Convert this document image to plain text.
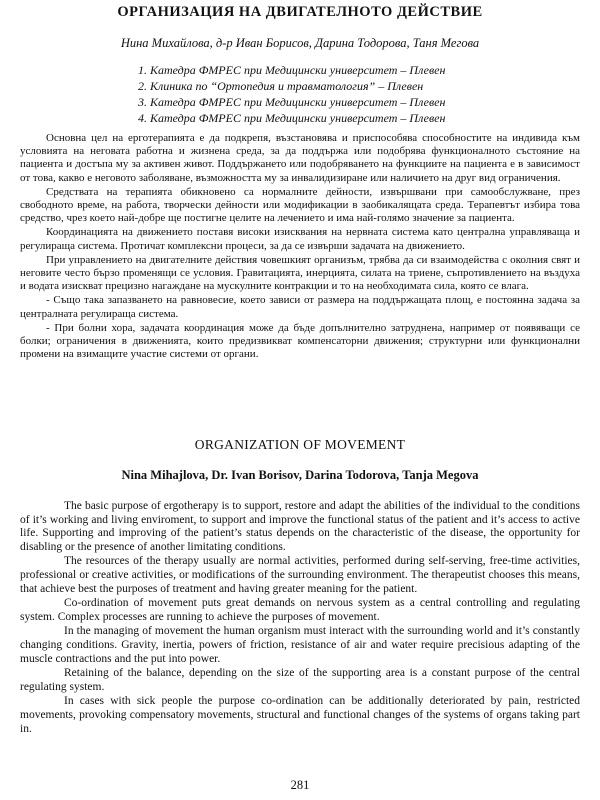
ОРГАНИЗАЦИЯ НА ДВИГАТЕЛНОТО ДЕЙСТВИЕ
Нина Михайлова, д-р Иван Борисов, Дарина Тодорова, Таня Мегова
1. Катедра ФМРЕС при Медицински университет – Плевен
2. Клиника по “Ортопедия и травматология” – Плевен
3. Катедра ФМРЕС при Медицински университет – Плевен
4. Катедра ФМРЕС при Медицински университет – Плевен

Основна цел на ерготерапията е да подкрепя, възстановява и приспособява способностите на индивида към условията на неговата работна и жизнена среда, за да поддържа или подобрява функционалното състояние на пациента и достъпа му за активен живот. Поддържането или подобряването на функциите на пациента е в зависимост от това, какво е неговото заболяване, възможността му за инвалидизиране или наличието на друг вид ограничения.

Средствата на терапията обикновено са нормалните дейности, извършвани при самообслужване, през свободното време, на работа, творчески дейности или модификации в заобикалящата среда. Терапевтът избира това средство, чрез което най-добре ще постигне целите на лечението и има най-голямо значение за пациента.

Координацията на движението поставя високи изисквания на нервната система като централна управляваща и регулираща система. Протичат комплексни процеси, за да се извърши задачата на движението.

При управлението на двигателните действия човешкият организъм, трябва да си взаимодейства с околния свят и неговите често бързо променящи се условия. Гравитацията, инерцията, силата на триене, съпротивлението на въздуха и водата изискват прецизно нагаждане на мускулните контракции и то на необходимата сила, която се влага.

- Също така запазването на равновесие, което зависи от размера на поддържащата площ, е постоянна задача за централната регулираща система.

- При болни хора, задачата координация може да бъде допълнително затруднена, например от появяващи се болки; ограничения в движенията, които предизвикват компенсаторни движения; структурни или функционални промени на взимащите участие системи от органи.

ORGANIZATION OF MOVEMENT
Nina Mihajlova, Dr. Ivan Borisov, Darina Todorova, Tanja Megova

The basic purpose of ergotherapy is to support, restore and adapt the abilities of the individual to the conditions of it’s working and living enviroment, to support and improve the functional status of the patient and it’s access to active life. Supporting and improving of the patient’s status depends on the characteristic of the disease, the opportunity for disabling or the presence of another limitating conditions.

The resources of the therapy usually are normal activities, performed during self-serving, free-time activities, professional or creative activities, or modifications of the surrounding environment. The therapeutist chooses this means, that achieve best the purposes of treatment and having greater meaning for the patient.

Co-ordination of movement puts great demands on nervous system as a central controlling and regulating system. Complex processes are running to achieve the purposes of movement.

In the managing of movement the human organism must interact with the surrounding world and it’s constantly changing conditions. Gravity, inertia, powers of friction, resistance of air and water require precisious adapting of the muscle contractions and the put into power.

Retaining of the balance, depending on the size of the supporting area is a constant purpose of the central regulating system.

In cases with sick people the purpose co-ordination can be additionally deteriorated by pain, restricted movements, provoking compensatory movements, structural and functional changes of the systems of organs taking part in.

281
